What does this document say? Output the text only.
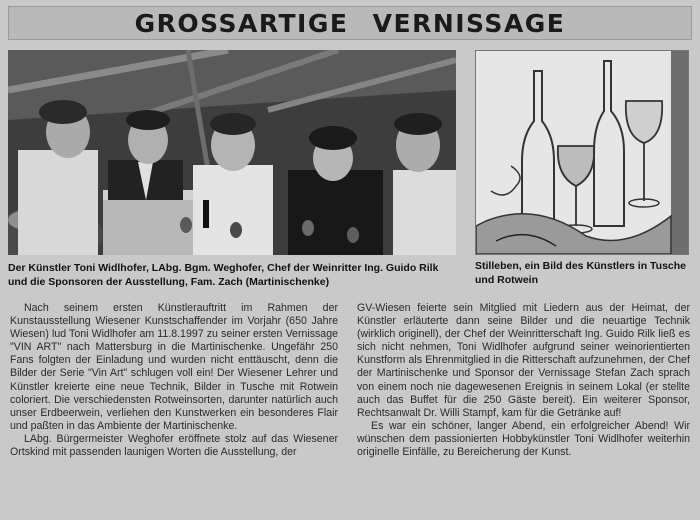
GROSSARTIGE VERNISSAGE
Der Künstler Toni Widlhofer, LAbg. Bgm. Weghofer, Chef der Weinritter Ing. Guido Rilk und die Sponsoren der Ausstellung, Fam. Zach (Martinischenke)
Stilleben, ein Bild des Künstlers in Tusche und Rotwein

Nach seinem ersten Künstlerauftritt im Rahmen der Kunstausstellung Wiesener Kunstschaffender im Vorjahr (650 Jahre Wiesen) lud Toni Widlhofer am 11.8.1997 zu seiner ersten Vernissage "VIN ART" nach Mattersburg in die Martinischenke. Ungefähr 250 Fans folgten der Einladung und wurden nicht enttäuscht, denn die Bilder der Serie "Vin Art" schlugen voll ein! Der Wiesener Lehrer und Künstler kreierte eine neue Technik, Bilder in Tusche mit Rotwein coloriert. Die verschiedensten Rotweinsorten, darunter natürlich auch unser Erdbeerwein, verliehen den Kunstwerken ein besonderes Flair und paßten in das Ambiente der Martinischenke.

LAbg. Bürgermeister Weghofer eröffnete stolz auf das Wiesener Ortskind mit passenden launigen Worten die Ausstellung, der

GV-Wiesen feierte sein Mitglied mit Liedern aus der Heimat, der Künstler erläuterte dann seine Bilder und die neuartige Technik (wirklich originell), der Chef der Weinritterschaft Ing. Guido Rilk ließ es sich nicht nehmen, Toni Widlhofer aufgrund seiner weinorientierten Kunstform als Ehrenmitglied in die Ritterschaft aufzunehmen, der Chef der Martinischenke und Sponsor der Vernissage Stefan Zach sprach von einem noch nie dagewesenen Ereignis in seinem Lokal (er stellte auch das Buffet für die 250 Gäste bereit). Ein weiterer Sponsor, Rechtsanwalt Dr. Willi Stampf, kam für die Getränke auf!

Es war ein schöner, langer Abend, ein erfolgreicher Abend! Wir wünschen dem passionierten Hobbykünstler Toni Widlhofer weiterhin originelle Einfälle, zu Bereicherung der Kunst.
